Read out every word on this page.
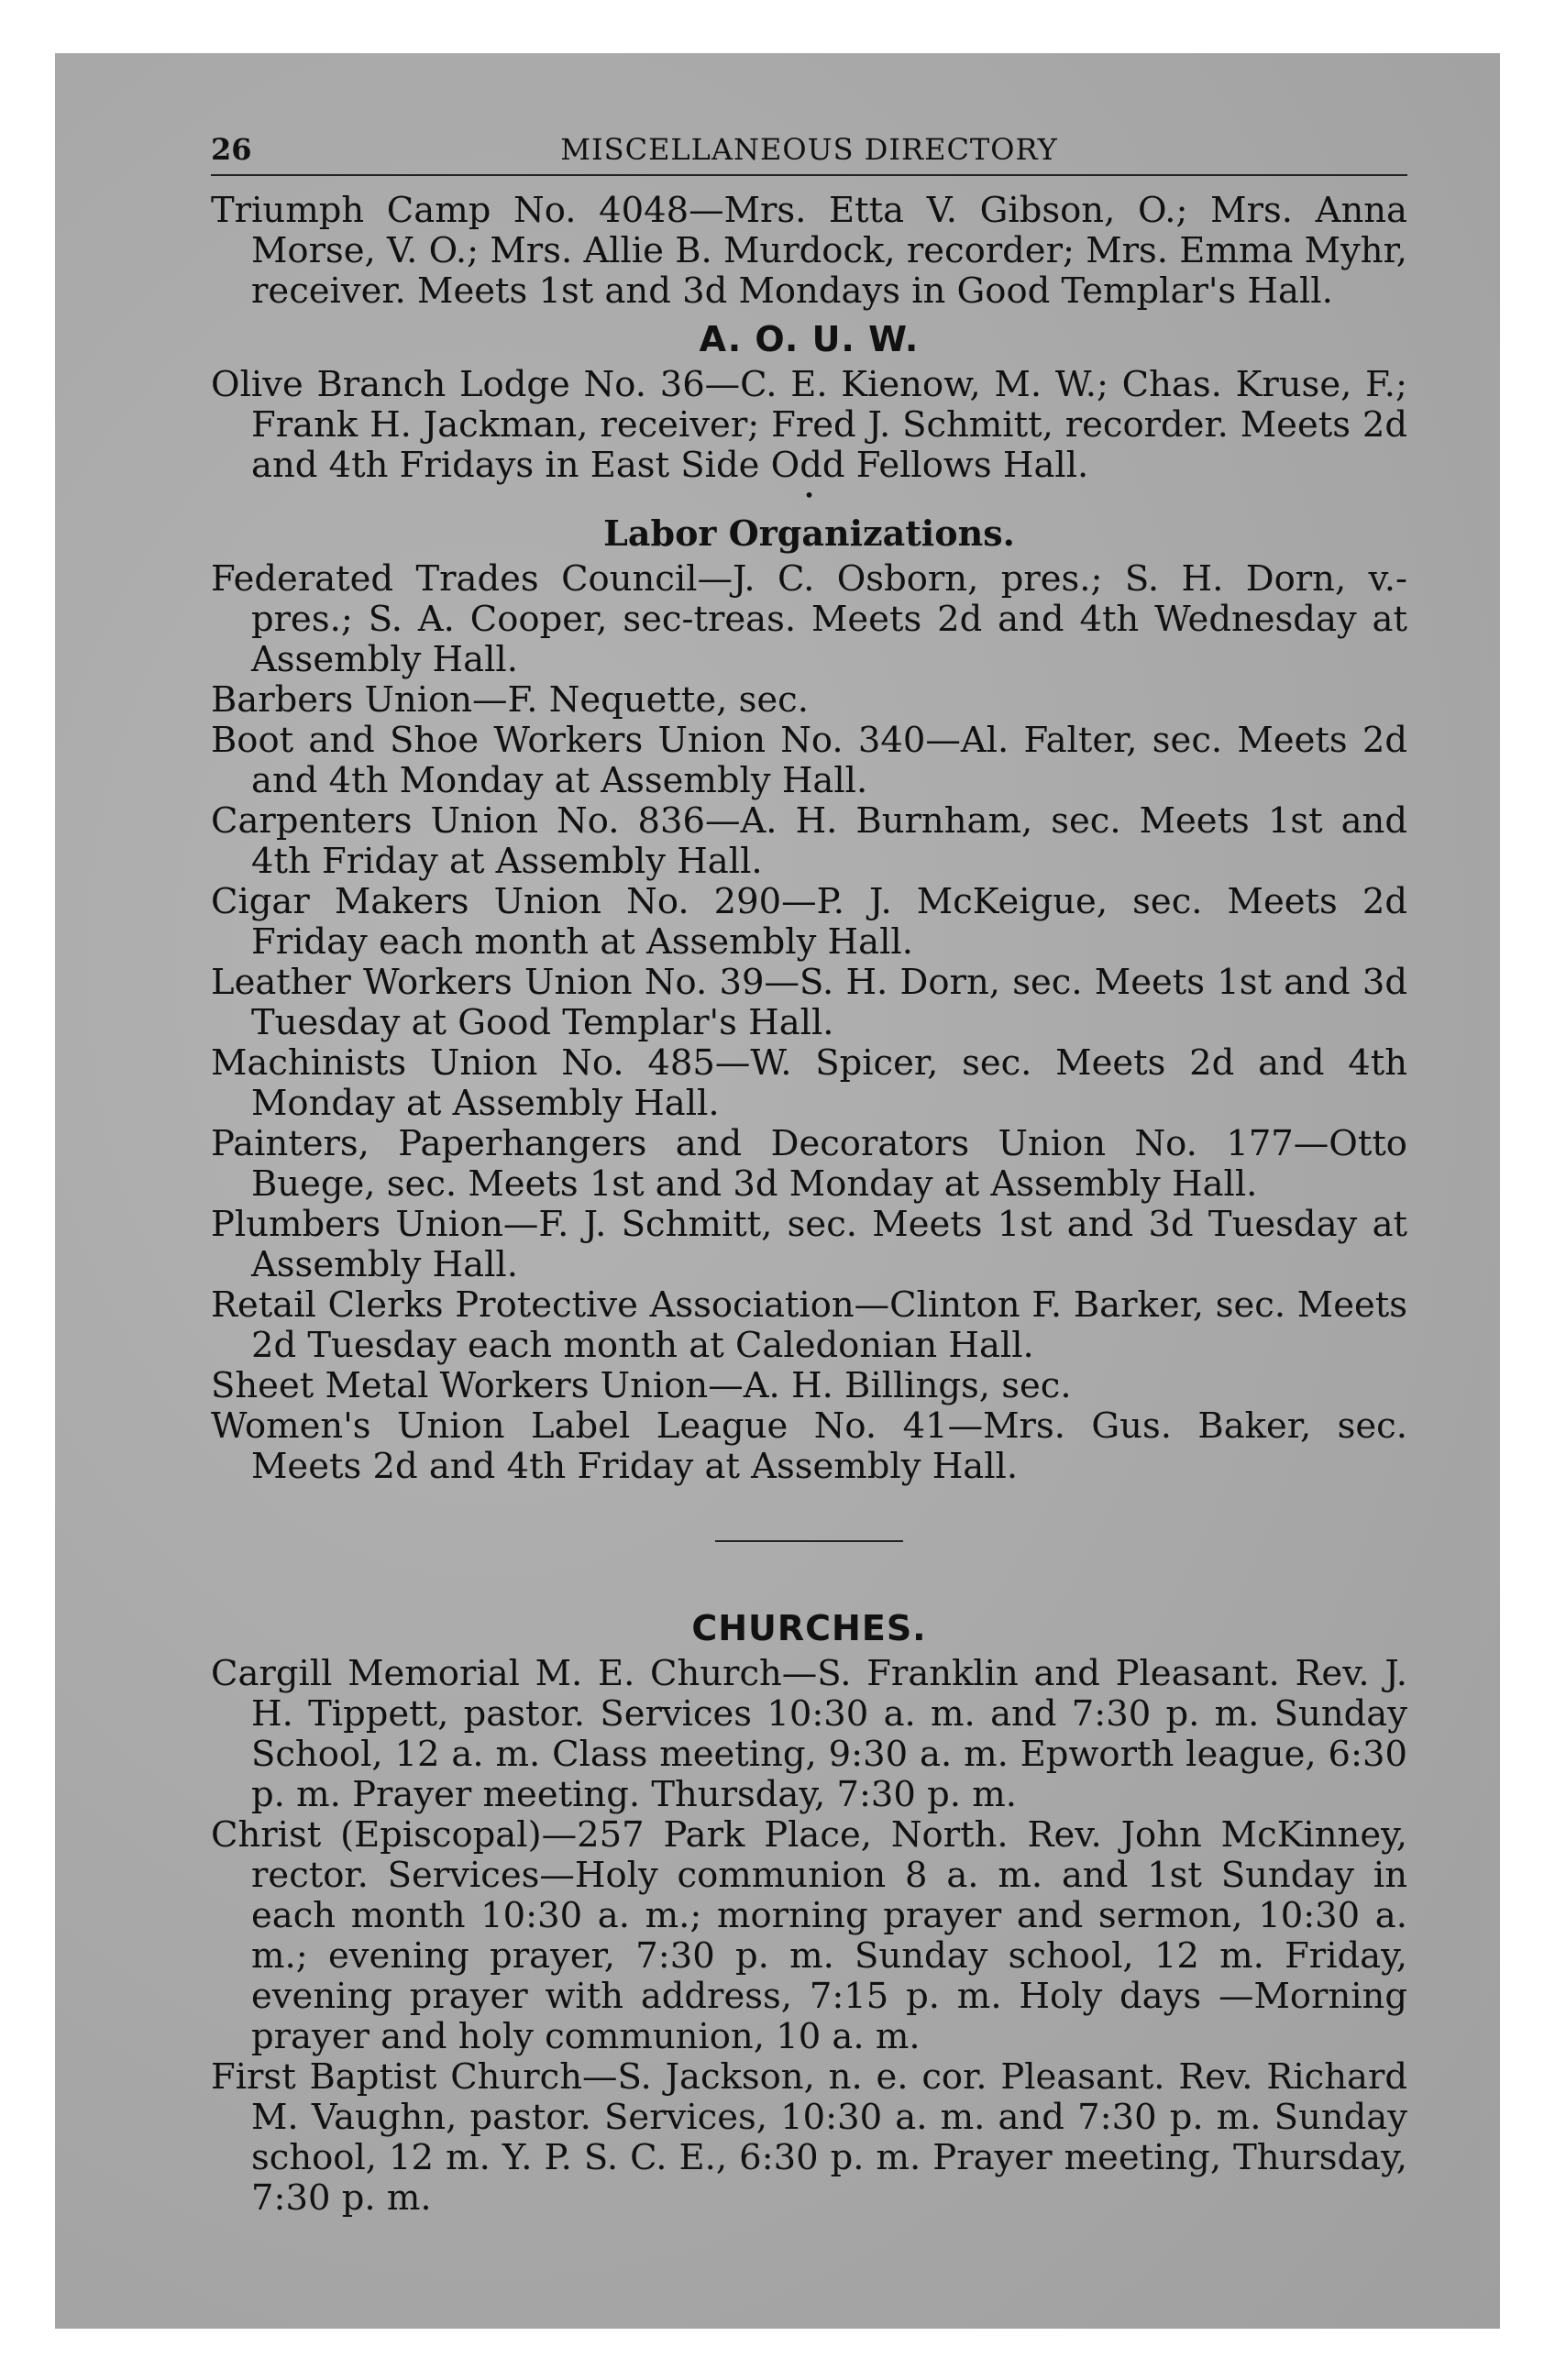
26	MISCELLANEOUS DIRECTORY

Triumph Camp No. 4048—Mrs. Etta V. Gibson, O.; Mrs. Anna Morse, V. O.; Mrs. Allie B. Murdock, recorder; Mrs. Emma Myhr, receiver. Meets 1st and 3d Mondays in Good Templar's Hall.

A. O. U. W.

Olive Branch Lodge No. 36—C. E. Kienow, M. W.; Chas. Kruse, F.; Frank H. Jackman, receiver; Fred J. Schmitt, recorder. Meets 2d and 4th Fridays in East Side Odd Fellows Hall.

•

Labor Organizations.

Federated Trades Council—J. C. Osborn, pres.; S. H. Dorn, v.-pres.; S. A. Cooper, sec-treas. Meets 2d and 4th Wednesday at Assembly Hall.

Barbers Union—F. Nequette, sec.

Boot and Shoe Workers Union No. 340—Al. Falter, sec. Meets 2d and 4th Monday at Assembly Hall.

Carpenters Union No. 836—A. H. Burnham, sec. Meets 1st and 4th Friday at Assembly Hall.

Cigar Makers Union No. 290—P. J. McKeigue, sec. Meets 2d Friday each month at Assembly Hall.

Leather Workers Union No. 39—S. H. Dorn, sec. Meets 1st and 3d Tuesday at Good Templar's Hall.

Machinists Union No. 485—W. Spicer, sec. Meets 2d and 4th Monday at Assembly Hall.

Painters, Paperhangers and Decorators Union No. 177—Otto Buege, sec. Meets 1st and 3d Monday at Assembly Hall.

Plumbers Union—F. J. Schmitt, sec. Meets 1st and 3d Tuesday at Assembly Hall.

Retail Clerks Protective Association—Clinton F. Barker, sec. Meets 2d Tuesday each month at Caledonian Hall.

Sheet Metal Workers Union—A. H. Billings, sec.

Women's Union Label League No. 41—Mrs. Gus. Baker, sec. Meets 2d and 4th Friday at Assembly Hall.

CHURCHES.

Cargill Memorial M. E. Church—S. Franklin and Pleasant. Rev. J. H. Tippett, pastor. Services 10:30 a. m. and 7:30 p. m. Sunday School, 12 a. m. Class meeting, 9:30 a. m. Epworth league, 6:30 p. m. Prayer meeting. Thursday, 7:30 p. m.

Christ (Episcopal)—257 Park Place, North. Rev. John McKinney, rector. Services—Holy communion 8 a. m. and 1st Sunday in each month 10:30 a. m.; morning prayer and sermon, 10:30 a. m.; evening prayer, 7:30 p. m. Sunday school, 12 m. Friday, evening prayer with address, 7:15 p. m. Holy days —Morning prayer and holy communion, 10 a. m.

First Baptist Church—S. Jackson, n. e. cor. Pleasant. Rev. Richard M. Vaughn, pastor. Services, 10:30 a. m. and 7:30 p. m. Sunday school, 12 m. Y. P. S. C. E., 6:30 p. m. Prayer meeting, Thursday, 7:30 p. m.
